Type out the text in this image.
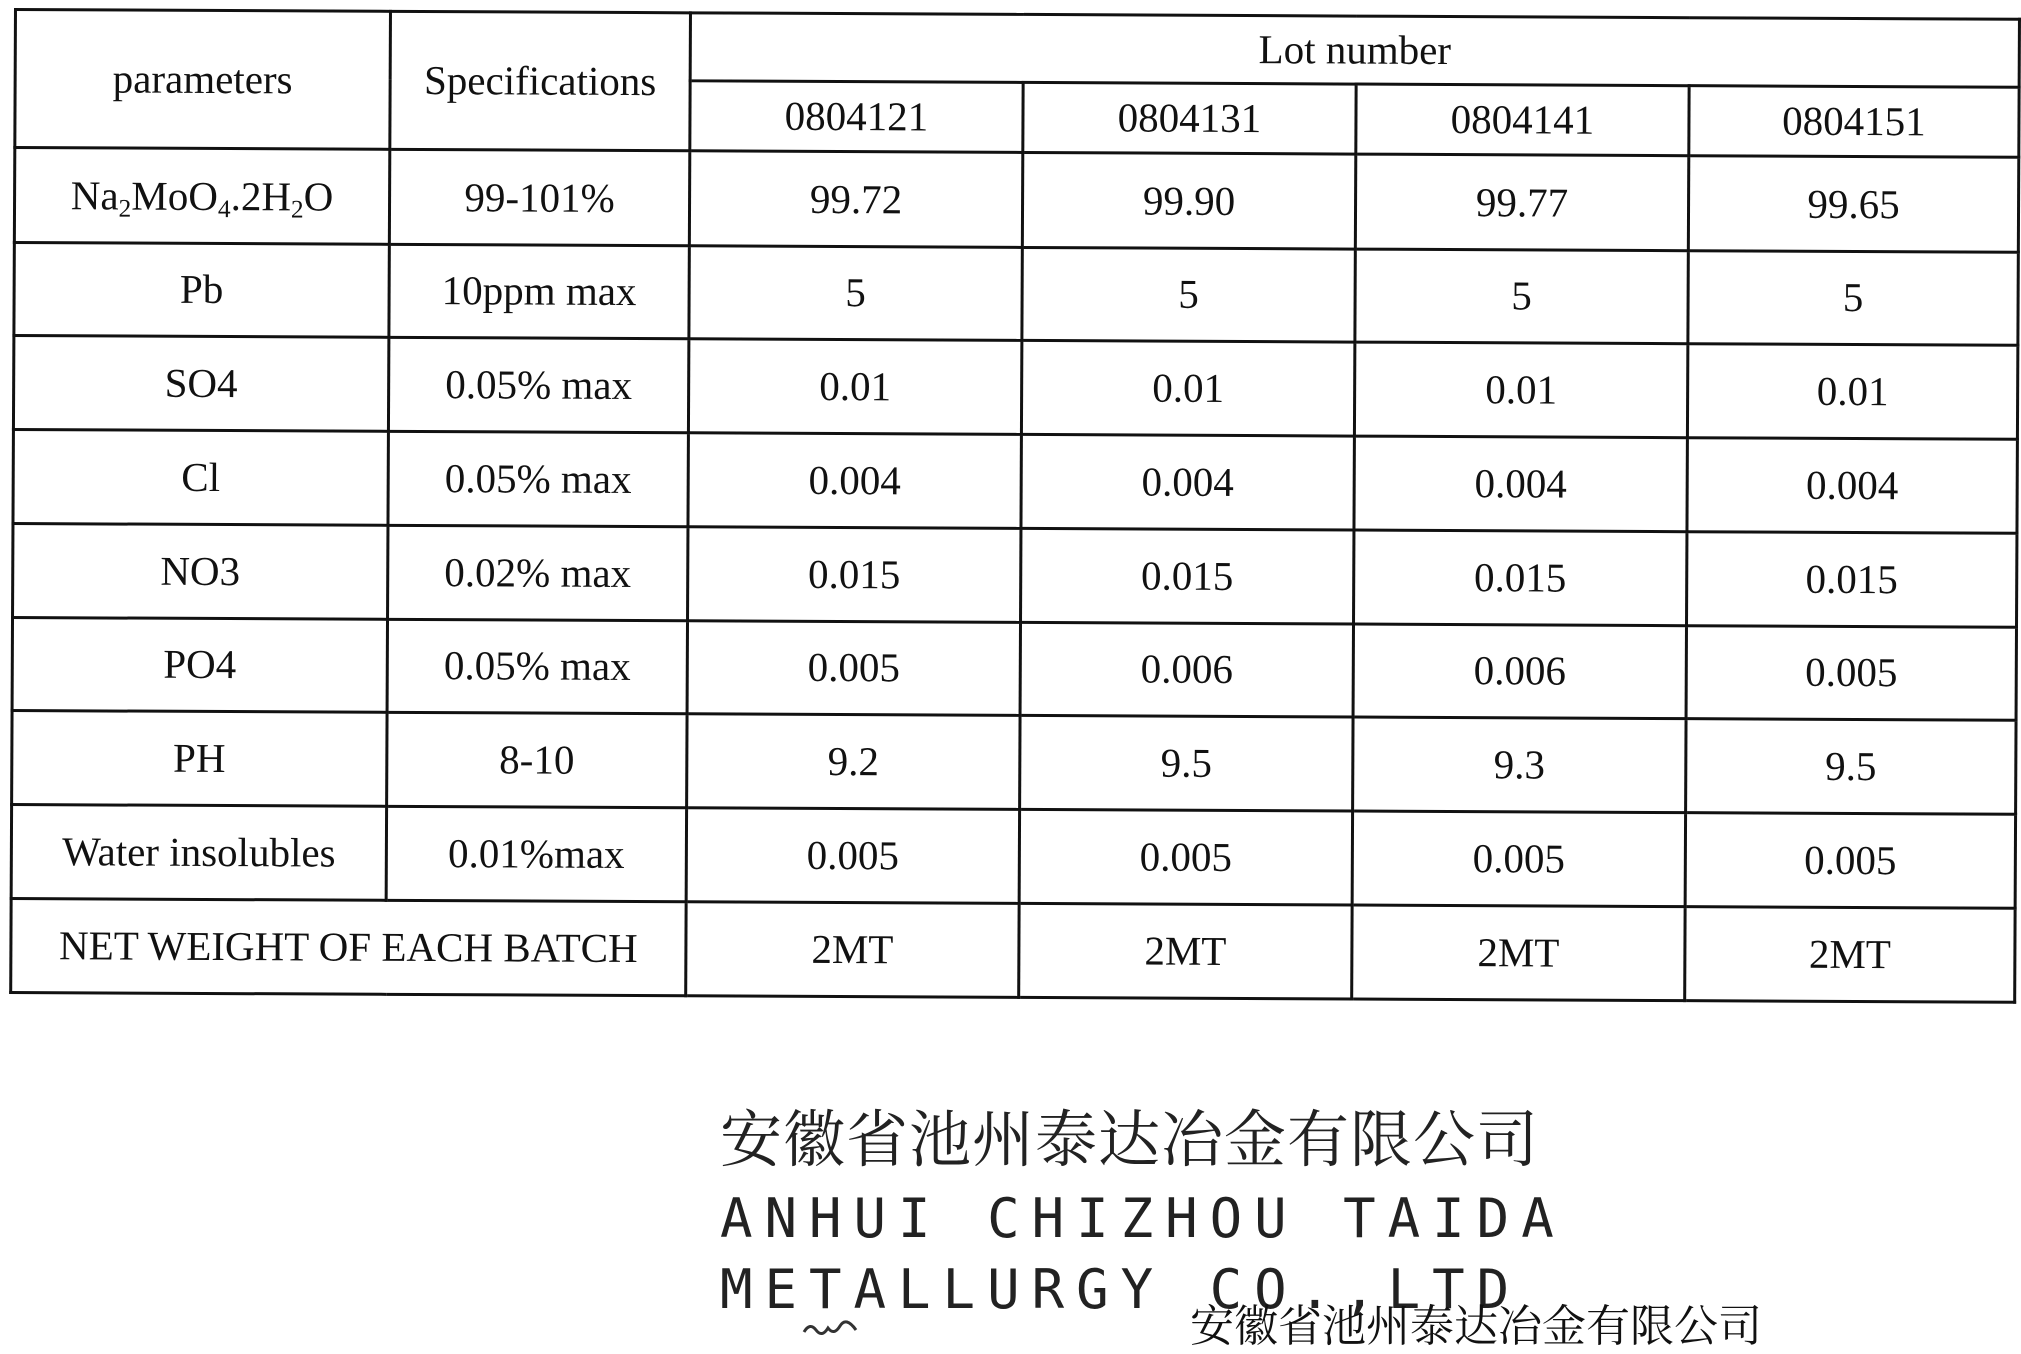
parameters	Specifications	Lot number			
		0804121	0804131	0804141	0804151
$Na_2MoO_4.2H_2O$	99-101%	99.72	99.90	99.77	99.65
Pb	10ppm max	5	5	5	5
SO4	0.05% max	0.01	0.01	0.01	0.01
Cl	0.05% max	0.004	0.004	0.004	0.004
NO3	0.02% max	0.015	0.015	0.015	0.015
PO4	0.05% max	0.005	0.006	0.006	0.005
PH	8-10	9.2	9.5	9.3	9.5
Water insolubles	0.01%max	0.005	0.005	0.005	0.005
NET WEIGHT OF EACH BATCH		2MT	2MT	2MT	2MT
安徽省池州泰达冶金有限公司
ANHUI CHIZHOU TAIDA
METALLURGY CO.,LTD
安徽省池州泰达冶金有限公司
